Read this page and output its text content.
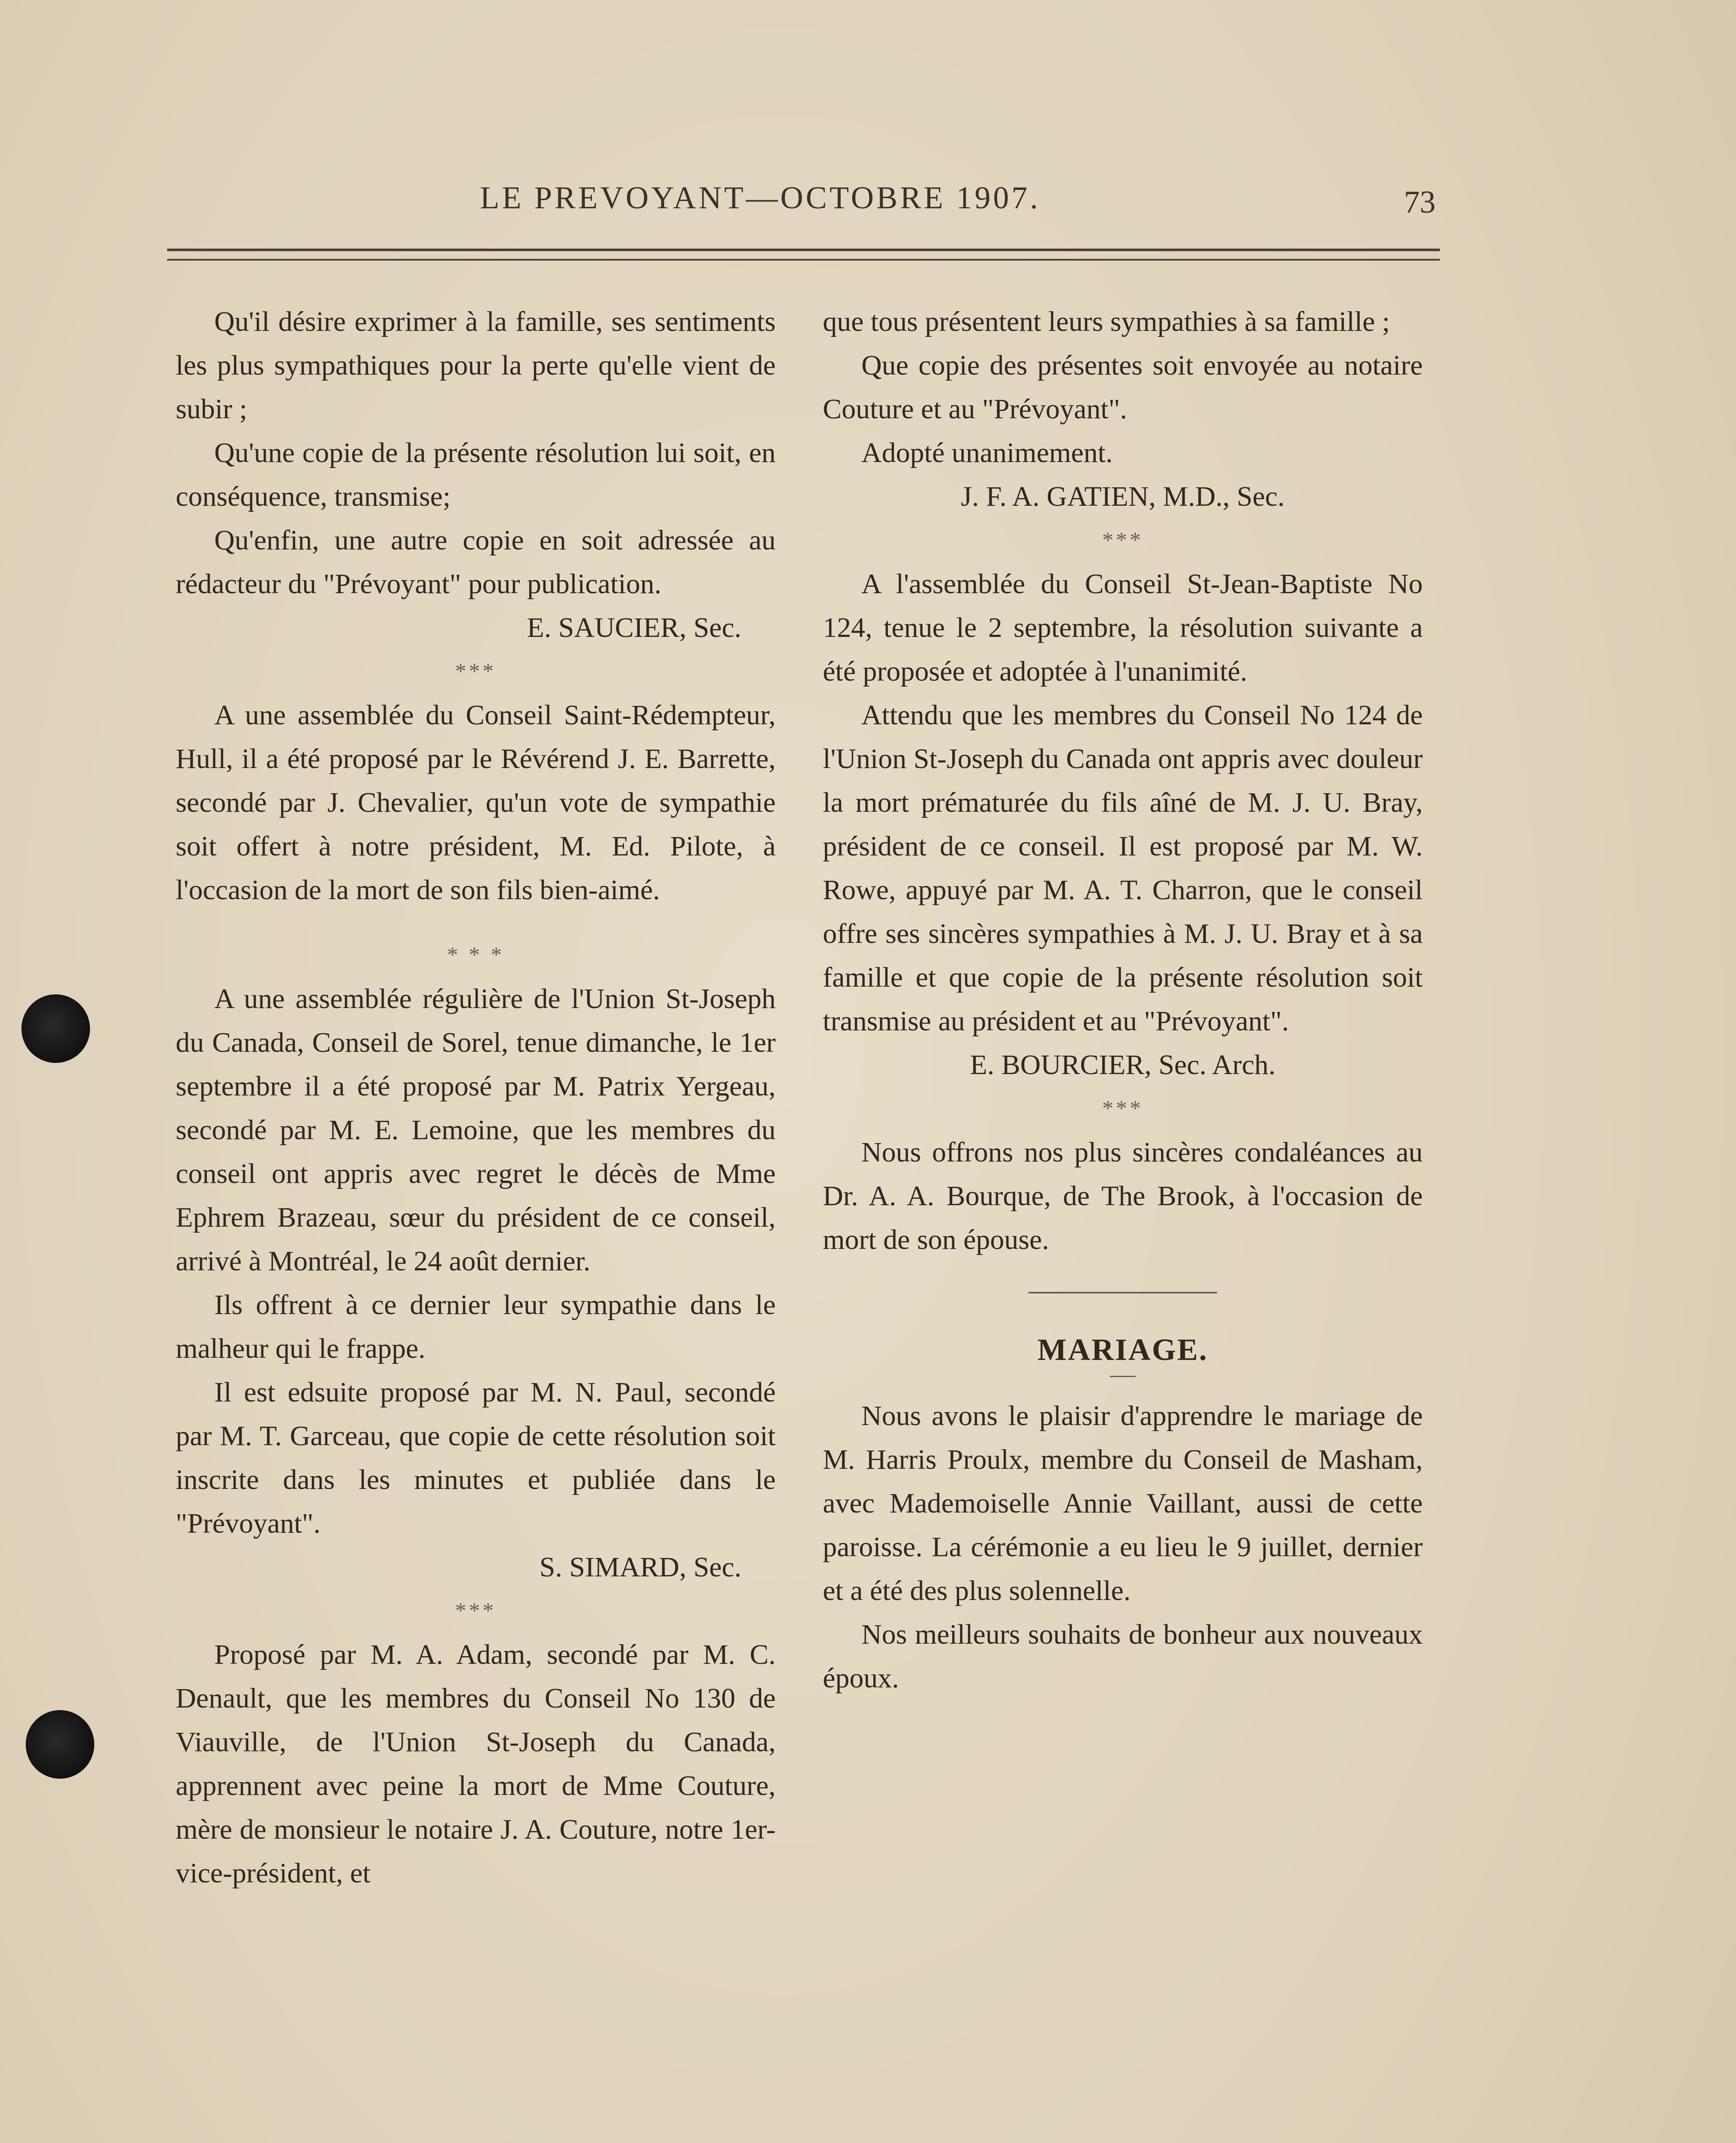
LE PREVOYANT—OCTOBRE 1907.	73

Qu'il désire exprimer à la famille, ses sentiments les plus sympathiques pour la perte qu'elle vient de subir ;

Qu'une copie de la présente résolution lui soit, en conséquence, transmise;

Qu'enfin, une autre copie en soit adressée au rédacteur du "Prévoyant" pour publication.

E. SAUCIER, Sec.

***

A une assemblée du Conseil Saint-Rédempteur, Hull, il a été proposé par le Révérend J. E. Barrette, secondé par J. Chevalier, qu'un vote de sympathie soit offert à notre président, M. Ed. Pilote, à l'occasion de la mort de son fils bien-aimé.

* * *

A une assemblée régulière de l'Union St-Joseph du Canada, Conseil de Sorel, tenue dimanche, le 1er septembre il a été proposé par M. Patrix Yergeau, secondé par M. E. Lemoine, que les membres du conseil ont appris avec regret le décès de Mme Ephrem Brazeau, sœur du président de ce conseil, arrivé à Montréal, le 24 août dernier.

Ils offrent à ce dernier leur sympathie dans le malheur qui le frappe.

Il est edsuite proposé par M. N. Paul, secondé par M. T. Garceau, que copie de cette résolution soit inscrite dans les minutes et publiée dans le "Prévoyant".

S. SIMARD, Sec.

***

Proposé par M. A. Adam, secondé par M. C. Denault, que les membres du Conseil No 130 de Viauville, de l'Union St-Joseph du Canada, apprennent avec peine la mort de Mme Couture, mère de monsieur le notaire J. A. Couture, notre 1er-vice-président, et

que tous présentent leurs sympathies à sa famille ;

Que copie des présentes soit envoyée au notaire Couture et au "Prévoyant".

Adopté unanimement.

J. F. A. GATIEN, M.D., Sec.

***

A l'assemblée du Conseil St-Jean-Baptiste No 124, tenue le 2 septembre, la résolution suivante a été proposée et adoptée à l'unanimité.

Attendu que les membres du Conseil No 124 de l'Union St-Joseph du Canada ont appris avec douleur la mort prématurée du fils aîné de M. J. U. Bray, président de ce conseil. Il est proposé par M. W. Rowe, appuyé par M. A. T. Charron, que le conseil offre ses sincères sympathies à M. J. U. Bray et à sa famille et que copie de la présente résolution soit transmise au président et au "Prévoyant".

E. BOURCIER, Sec. Arch.

***

Nous offrons nos plus sincères condaléances au Dr. A. A. Bourque, de The Brook, à l'occasion de mort de son épouse.

MARIAGE.

Nous avons le plaisir d'apprendre le mariage de M. Harris Proulx, membre du Conseil de Masham, avec Mademoiselle Annie Vaillant, aussi de cette paroisse. La cérémonie a eu lieu le 9 juillet, dernier et a été des plus solennelle.

Nos meilleurs souhaits de bonheur aux nouveaux époux.
